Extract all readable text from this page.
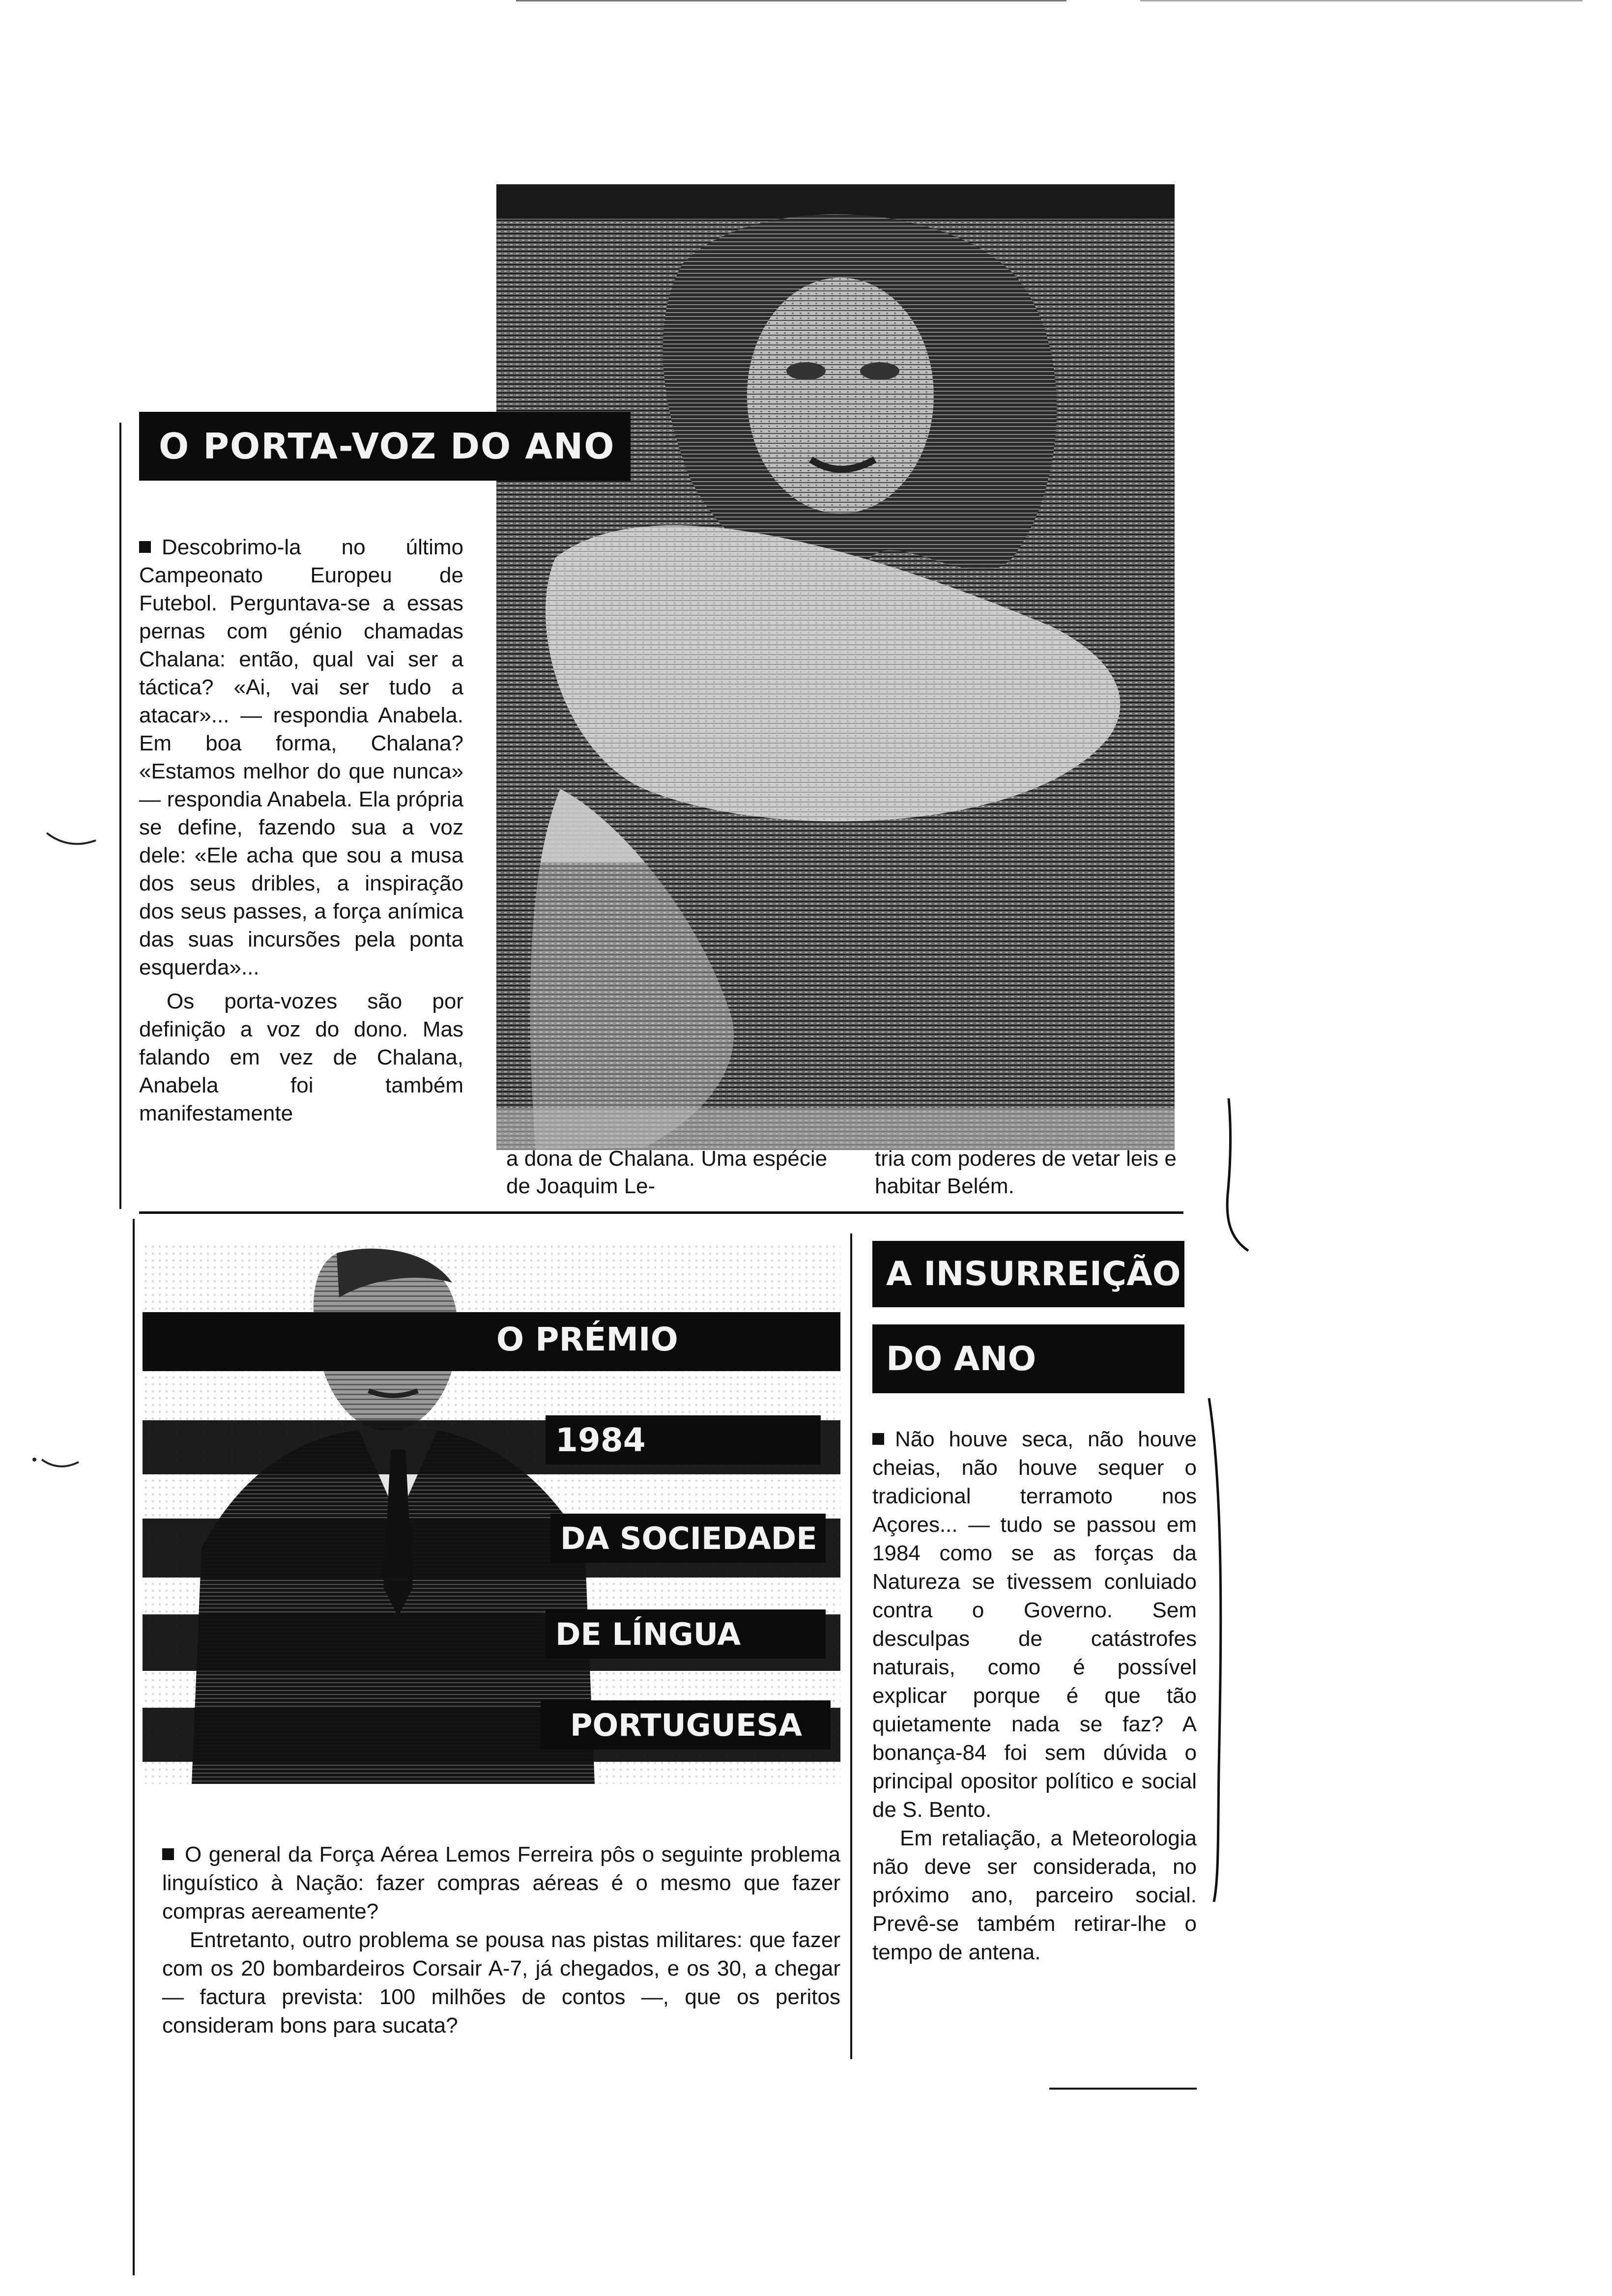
O PORTA-VOZ DO ANO

Descobrimo-la no último Campeonato Europeu de Futebol. Perguntava-se a essas pernas com génio chamadas Chalana: então, qual vai ser a táctica? «Ai, vai ser tudo a atacar»... — respondia Anabela. Em boa forma, Chalana? «Estamos melhor do que nunca» — respondia Anabela. Ela própria se define, fazendo sua a voz dele: «Ele acha que sou a musa dos seus dribles, a inspiração dos seus passes, a força anímica das suas incursões pela ponta esquerda»...

Os porta-vozes são por definição a voz do dono. Mas falando em vez de Chalana, Anabela foi também manifestamente

a dona de Chalana. Uma espécie de Joaquim Le-
tria com poderes de vetar leis e habitar Belém.
O PRÉMIO
1984
DA SOCIEDADE
DE LÍNGUA
PORTUGUESA

O general da Força Aérea Lemos Ferreira pôs o seguinte problema linguístico à Nação: fazer compras aéreas é o mesmo que fazer compras aereamente?

Entretanto, outro problema se pousa nas pistas militares: que fazer com os 20 bombardeiros Corsair A-7, já chegados, e os 30, a chegar — factura prevista: 100 milhões de contos —, que os peritos consideram bons para sucata?

A INSURREIÇÃO
DO ANO

Não houve seca, não houve cheias, não houve sequer o tradicional terramoto nos Açores... — tudo se passou em 1984 como se as forças da Natureza se tivessem conluiado contra o Governo. Sem desculpas de catástrofes naturais, como é possível explicar porque é que tão quietamente nada se faz? A bonança-84 foi sem dúvida o principal opositor político e social de S. Bento.

Em retaliação, a Meteorologia não deve ser considerada, no próximo ano, parceiro social. Prevê-se também retirar-lhe o tempo de antena.
